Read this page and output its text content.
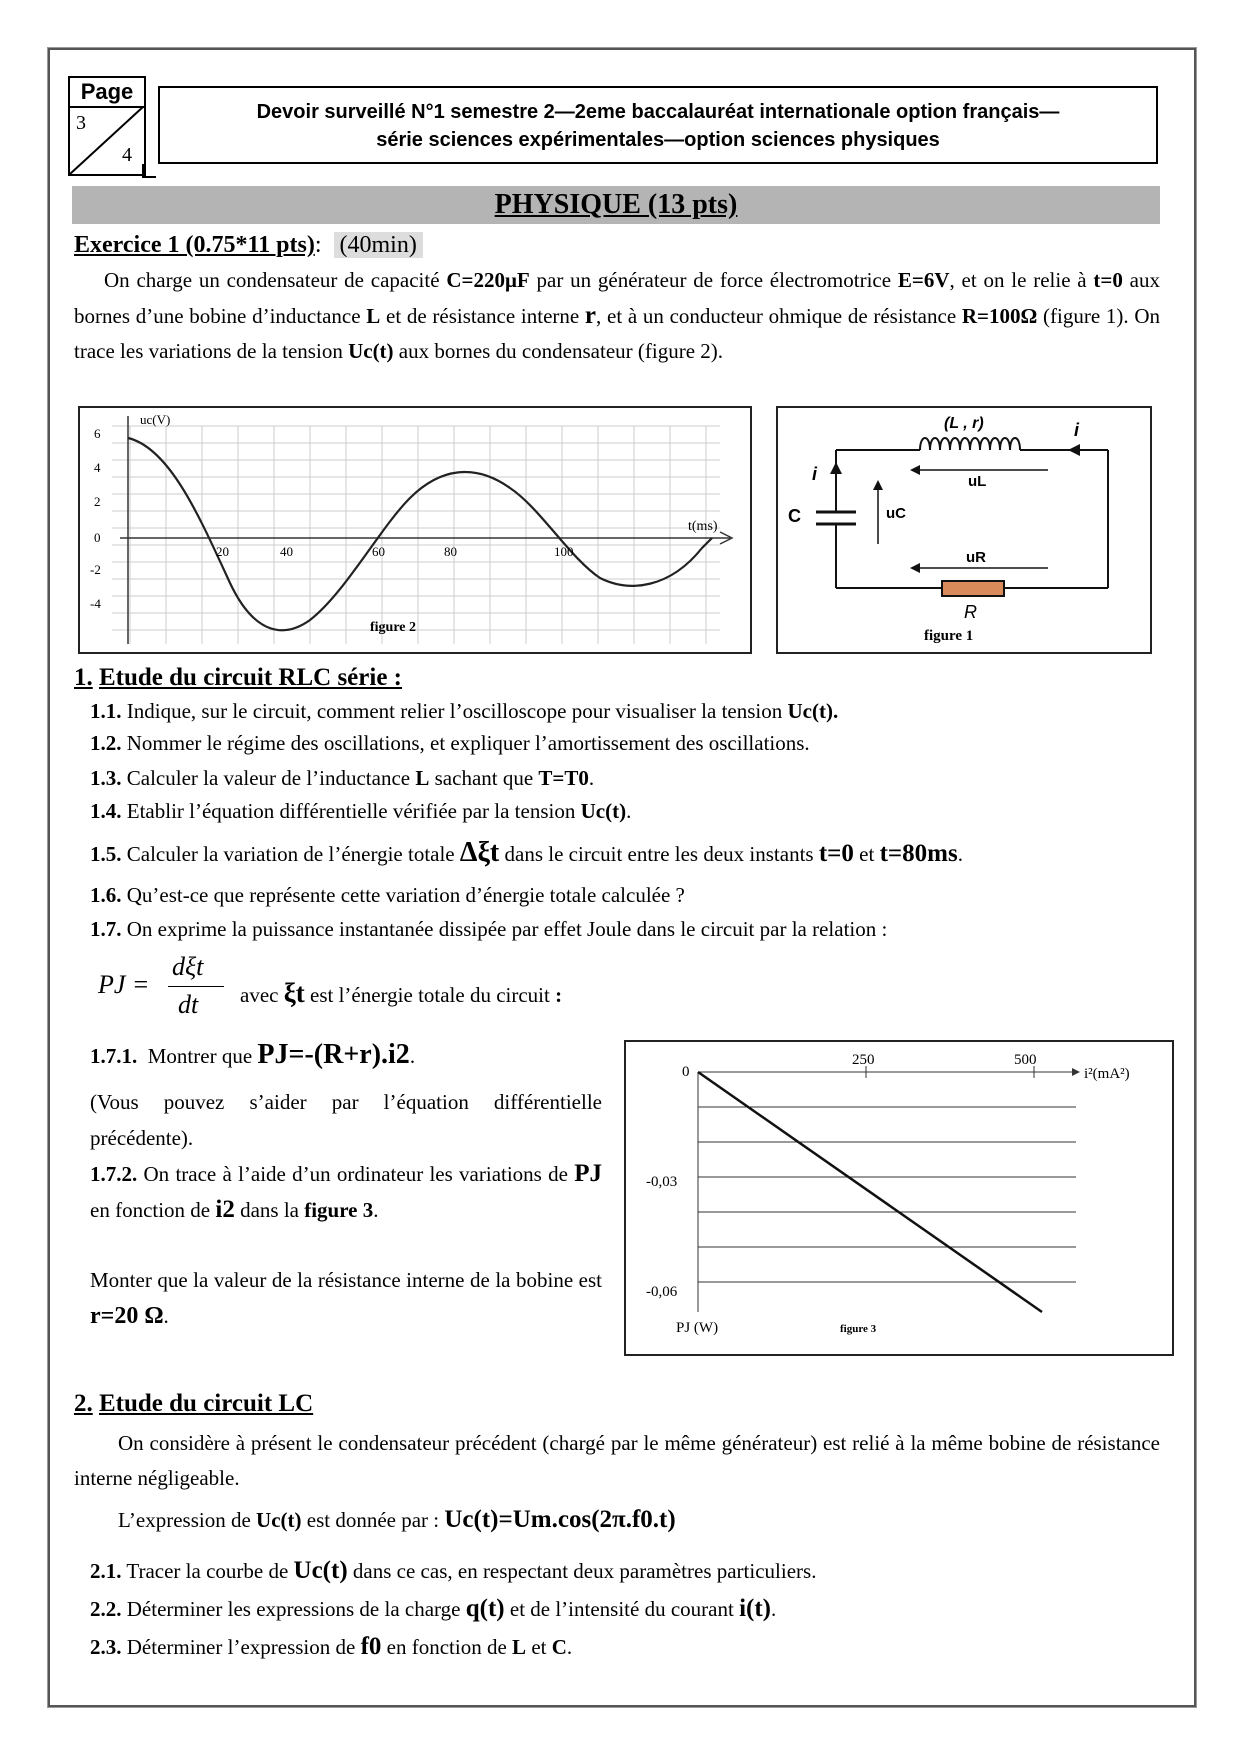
Page
3
4
Devoir surveillé N°1 semestre 2—2eme baccalauréat internationale option français—
série sciences expérimentales—option sciences physiques
PHYSIQUE (13 pts)
Exercice 1 (0.75*11 pts): (40min)
On charge un condensateur de capacité C=220μF par un générateur de force électromotrice E=6V, et on le relie à t=0 aux bornes d’une bobine d’inductance L et de résistance interne r, et à un conducteur ohmique de résistance R=100Ω (figure 1). On trace les variations de la tension Uc(t) aux bornes du condensateur (figure 2).
uc(V)
6
4
2
0
-2
-4
20	40	60	80	100
t(ms)
figure 2
(L , r)	i
i	uL
C	uC
uR
R
figure 1
1. Etude du circuit RLC série :
1.1. Indique, sur le circuit, comment relier l’oscilloscope pour visualiser la tension Uc(t).
1.2. Nommer le régime des oscillations, et expliquer l’amortissement des oscillations.
1.3. Calculer la valeur de l’inductance L sachant que T=T0.
1.4. Etablir l’équation différentielle vérifiée par la tension Uc(t).
1.5. Calculer la variation de l’énergie totale Δξt dans le circuit entre les deux instants t=0 et t=80ms.
1.6. Qu’est-ce que représente cette variation d’énergie totale calculée ?
1.7. On exprime la puissance instantanée dissipée par effet Joule dans le circuit par la relation :
PJ =
dξt
dt avec ξt est l’énergie totale du circuit :
1.7.1. Montrer que PJ=-(R+r).i2.
(Vous pouvez s’aider par l’équation différentielle précédente).
1.7.2. On trace à l’aide d’un ordinateur les variations de PJ en fonction de i2 dans la figure 3.
Monter que la valeur de la résistance interne de la bobine est r=20 Ω.
0
-0,03
-0,06
250	500
i²(mA²)
PJ (W)	figure 3
2. Etude du circuit LC
On considère à présent le condensateur précédent (chargé par le même générateur) est relié à la même bobine de résistance interne négligeable.
L’expression de Uc(t) est donnée par : Uc(t)=Um.cos(2π.f0.t)
2.1. Tracer la courbe de Uc(t) dans ce cas, en respectant deux paramètres particuliers.
2.2. Déterminer les expressions de la charge q(t) et de l’intensité du courant i(t).
2.3. Déterminer l’expression de f0 en fonction de L et C.
